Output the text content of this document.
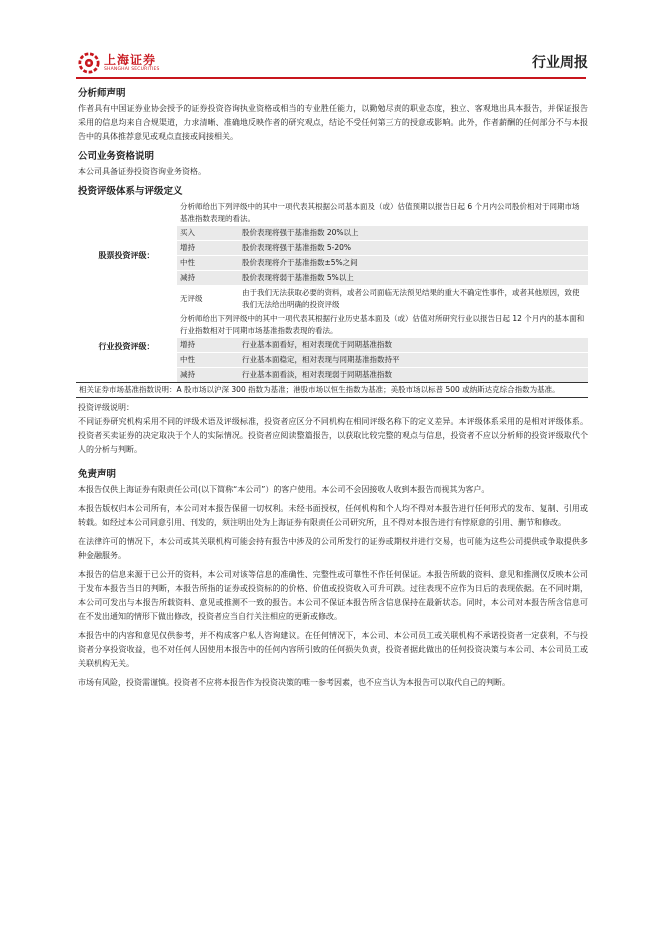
上海证券
SHANGHAI SECURITIES	行业周报
分析师声明

作者具有中国证券业协会授予的证券投资咨询执业资格或相当的专业胜任能力，以勤勉尽责的职业态度，独立、客观地出具本报告，并保证报告采用的信息均来自合规渠道，力求清晰、准确地反映作者的研究观点，结论不受任何第三方的授意或影响。此外，作者薪酬的任何部分不与本报告中的具体推荐意见或观点直接或间接相关。

公司业务资格说明

本公司具备证券投资咨询业务资格。

投资评级体系与评级定义
股票投资评级：	分析师给出下列评级中的其中一项代表其根据公司基本面及（或）估值预期以报告日起 6 个月内公司股价相对于同期市场基准指数表现的看法。	
	买入	股价表现将强于基准指数 20%以上
	增持	股价表现将强于基准指数 5-20%
	中性	股价表现将介于基准指数±5%之间
	减持	股价表现将弱于基准指数 5%以上
	无评级	由于我们无法获取必要的资料，或者公司面临无法预见结果的重大不确定性事件，或者其他原因，致使我们无法给出明确的投资评级
行业投资评级：	分析师给出下列评级中的其中一项代表其根据行业历史基本面及（或）估值对所研究行业以报告日起 12 个月内的基本面和行业指数相对于同期市场基准指数表现的看法。	
	增持	行业基本面看好，相对表现优于同期基准指数
	中性	行业基本面稳定，相对表现与同期基准指数持平
	减持	行业基本面看淡，相对表现弱于同期基准指数
相关证券市场基准指数说明：A 股市场以沪深 300 指数为基准；港股市场以恒生指数为基准；美股市场以标普 500 或纳斯达克综合指数为基准。		

投资评级说明：

不同证券研究机构采用不同的评级术语及评级标准，投资者应区分不同机构在相同评级名称下的定义差异。本评级体系采用的是相对评级体系。投资者买卖证券的决定取决于个人的实际情况。投资者应阅读整篇报告，以获取比较完整的观点与信息，投资者不应以分析师的投资评级取代个人的分析与判断。

免责声明

本报告仅供上海证券有限责任公司(以下简称“本公司”）的客户使用。本公司不会因接收人收到本报告而视其为客户。

本报告版权归本公司所有，本公司对本报告保留一切权利。未经书面授权，任何机构和个人均不得对本报告进行任何形式的发布、复制、引用或转载。如经过本公司同意引用、刊发的，须注明出处为上海证券有限责任公司研究所，且不得对本报告进行有悖原意的引用、删节和修改。

在法律许可的情况下，本公司或其关联机构可能会持有报告中涉及的公司所发行的证券或期权并进行交易，也可能为这些公司提供或争取提供多种金融服务。

本报告的信息来源于已公开的资料，本公司对该等信息的准确性、完整性或可靠性不作任何保证。本报告所载的资料、意见和推测仅反映本公司于发布本报告当日的判断，本报告所指的证券或投资标的的价格、价值或投资收入可升可跌。过往表现不应作为日后的表现依据。在不同时期，本公司可发出与本报告所载资料、意见或推测不一致的报告。本公司不保证本报告所含信息保持在最新状态。同时，本公司对本报告所含信息可在不发出通知的情形下做出修改，投资者应当自行关注相应的更新或修改。

本报告中的内容和意见仅供参考，并不构成客户私人咨询建议。在任何情况下，本公司、本公司员工或关联机构不承诺投资者一定获利，不与投资者分享投资收益，也不对任何人因使用本报告中的任何内容所引致的任何损失负责，投资者据此做出的任何投资决策与本公司、本公司员工或关联机构无关。

市场有风险，投资需谨慎。投资者不应将本报告作为投资决策的唯一参考因素，也不应当认为本报告可以取代自己的判断。
